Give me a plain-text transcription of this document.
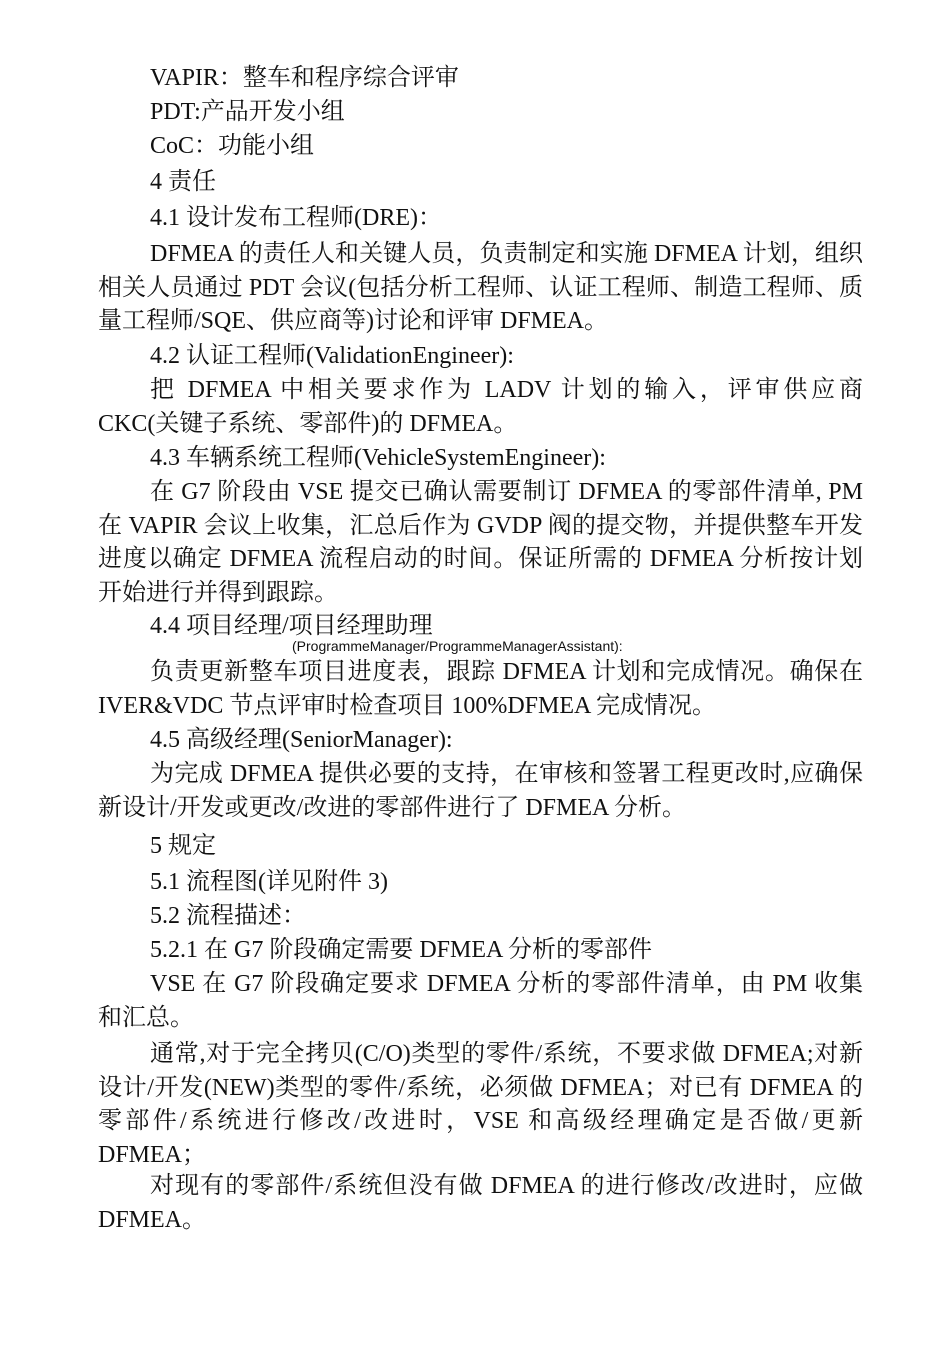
VAPIR：整车和程序综合评审

PDT:产品开发小组

CoC：功能小组

4 责任

4.1 设计发布工程师(DRE)：

DFMEA 的责任人和关键人员，负责制定和实施 DFMEA 计划，组织相关人员通过 PDT 会议(包括分析工程师、认证工程师、制造工程师、质量工程师/SQE、供应商等)讨论和评审 DFMEA。

4.2 认证工程师(ValidationEngineer):

把 DFMEA 中相关要求作为 LADV 计划的输入，评审供应商 CKC(关键子系统、零部件)的 DFMEA。

4.3 车辆系统工程师(VehicleSystemEngineer):

在 G7 阶段由 VSE 提交已确认需要制订 DFMEA 的零部件清单, PM 在 VAPIR 会议上收集，汇总后作为 GVDP 阀的提交物，并提供整车开发进度以确定 DFMEA 流程启动的时间。保证所需的 DFMEA 分析按计划开始进行并得到跟踪。

4.4 项目经理/项目经理助理

(ProgrammeManager/ProgrammeManagerAssistant):

负责更新整车项目进度表，跟踪 DFMEA 计划和完成情况。确保在 IVER&VDC 节点评审时检查项目 100%DFMEA 完成情况。

4.5 高级经理(SeniorManager):

为完成 DFMEA 提供必要的支持，在审核和签署工程更改时,应确保新设计/开发或更改/改进的零部件进行了 DFMEA 分析。

5 规定

5.1 流程图(详见附件 3)

5.2 流程描述：

5.2.1 在 G7 阶段确定需要 DFMEA 分析的零部件

VSE 在 G7 阶段确定要求 DFMEA 分析的零部件清单，由 PM 收集和汇总。

通常,对于完全拷贝(C/O)类型的零件/系统，不要求做 DFMEA;对新设计/开发(NEW)类型的零件/系统，必须做 DFMEA；对已有 DFMEA 的零部件/系统进行修改/改进时，VSE 和高级经理确定是否做/更新 DFMEA；

对现有的零部件/系统但没有做 DFMEA 的进行修改/改进时，应做 DFMEA。
